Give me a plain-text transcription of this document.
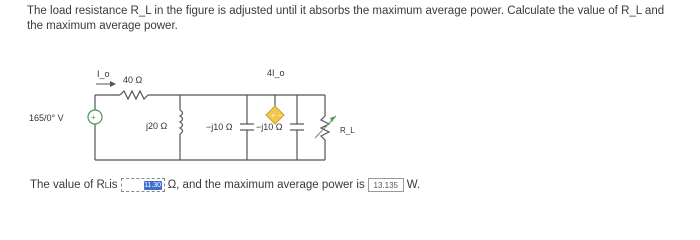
The load resistance R_L in the figure is adjusted until it absorbs the maximum average power. Calculate the value of R_L and the maximum average power.
+	+ −
I_o
40 Ω
165/0° V
j20 Ω
4I_o
−j10 Ω	−j10 Ω	R_L
The value of R L is	11.30 Ω, and the maximum average power is	13.135 W.
